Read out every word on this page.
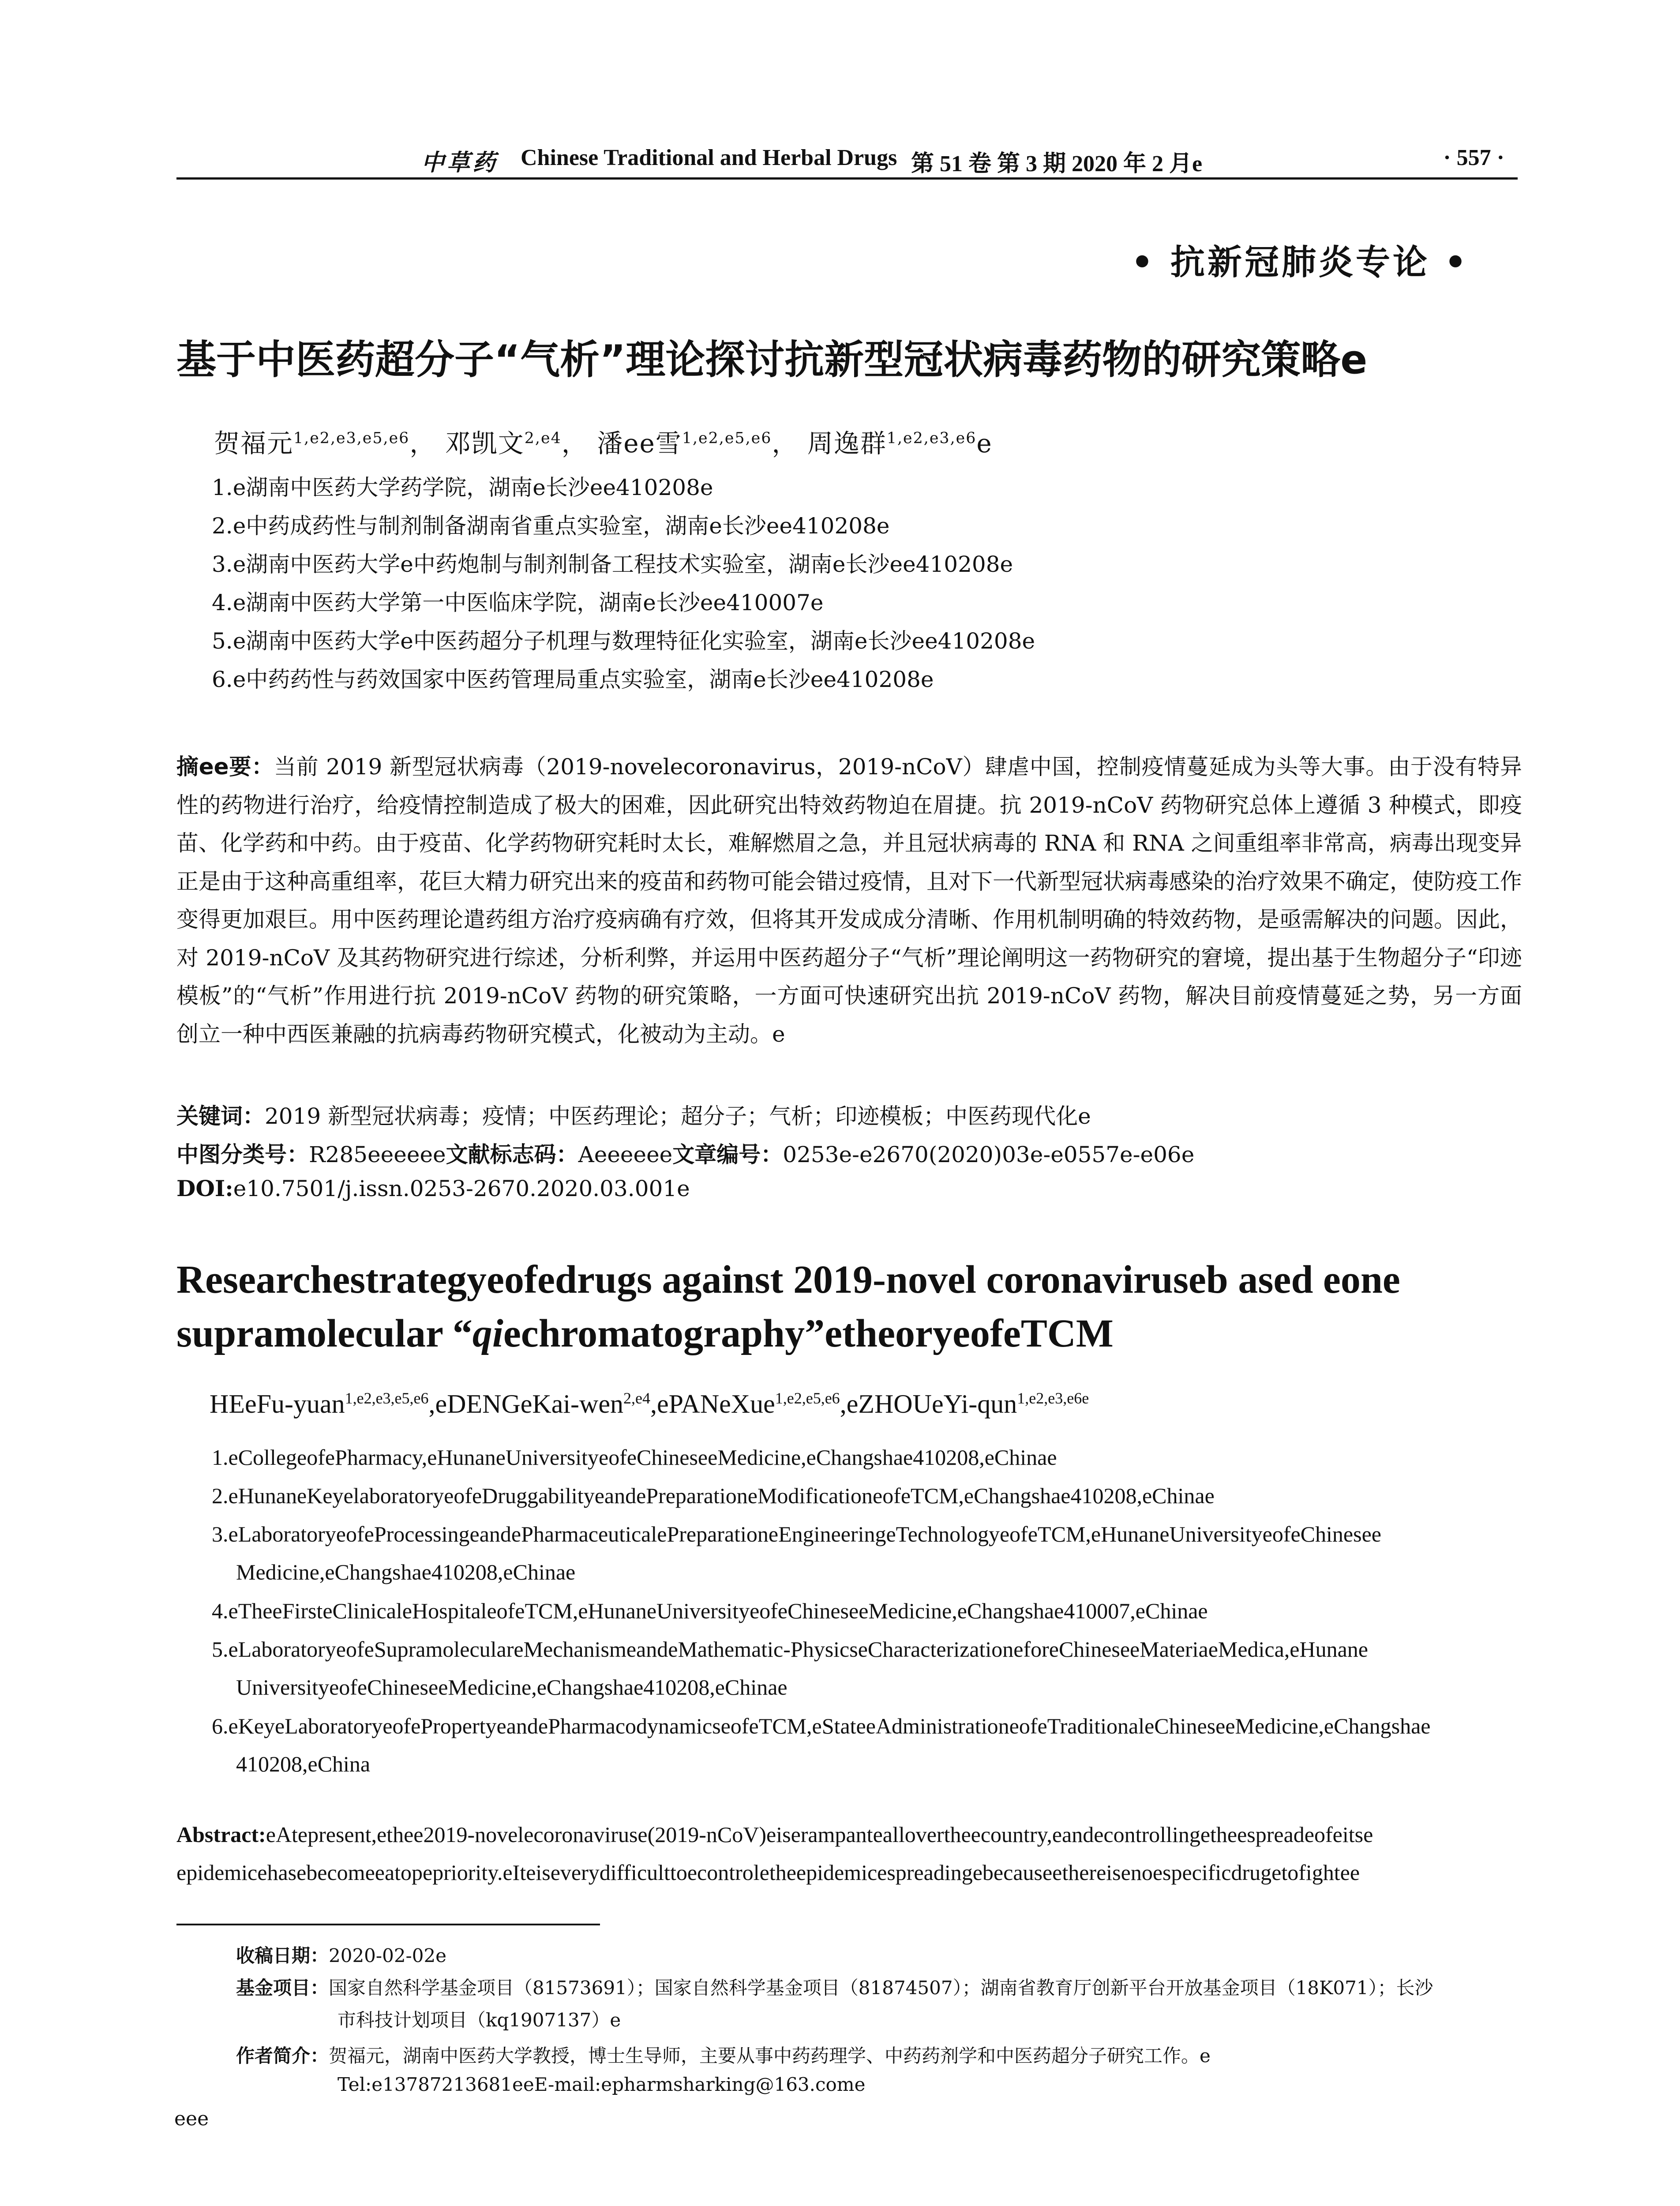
中草药 Chinese Traditional and Herbal Drugs 第 51 卷 第 3 期 2020 年 2 月e	· 557 ·
• 抗新冠肺炎专论 •
基于中医药超分子“气析”理论探讨抗新型冠状病毒药物的研究策略e
贺福元$^{1,e2,e3,e5,e6}$， 邓凯文$^{2,e4}$， 潘ee雪$^{1,e2,e5,e6}$， 周逸群$^{1,e2,e3,e6}$e
1.e湖南中医药大学药学院，湖南e长沙ee410208e
2.e中药成药性与制剂制备湖南省重点实验室，湖南e长沙ee410208e
3.e湖南中医药大学e中药炮制与制剂制备工程技术实验室，湖南e长沙ee410208e
4.e湖南中医药大学第一中医临床学院，湖南e长沙ee410007e
5.e湖南中医药大学e中医药超分子机理与数理特征化实验室，湖南e长沙ee410208e
6.e中药药性与药效国家中医药管理局重点实验室，湖南e长沙ee410208e
摘ee要：当前 2019 新型冠状病毒（2019-novelecoronavirus，2019-nCoV）肆虐中国，控制疫情蔓延成为头等大事。由于没有特异性的药物进行治疗，给疫情控制造成了极大的困难，因此研究出特效药物迫在眉捷。抗 2019-nCoV 药物研究总体上遵循 3 种模式，即疫苗、化学药和中药。由于疫苗、化学药物研究耗时太长，难解燃眉之急，并且冠状病毒的 RNA 和 RNA 之间重组率非常高，病毒出现变异正是由于这种高重组率，花巨大精力研究出来的疫苗和药物可能会错过疫情，且对下一代新型冠状病毒感染的治疗效果不确定，使防疫工作变得更加艰巨。用中医药理论遣药组方治疗疫病确有疗效，但将其开发成成分清晰、作用机制明确的特效药物，是亟需解决的问题。因此，对 2019-nCoV 及其药物研究进行综述，分析利弊，并运用中医药超分子“气析”理论阐明这一药物研究的窘境，提出基于生物超分子“印迹模板”的“气析”作用进行抗 2019-nCoV 药物的研究策略，一方面可快速研究出抗 2019-nCoV 药物，解决目前疫情蔓延之势，另一方面创立一种中西医兼融的抗病毒药物研究模式，化被动为主动。e
关键词：2019 新型冠状病毒；疫情；中医药理论；超分子；气析；印迹模板；中医药现代化e
中图分类号：R285eeeeee文献标志码：Aeeeeee文章编号：0253e-e2670(2020)03e-e0557e-e06e
DOI:e10.7501/j.issn.0253-2670.2020.03.001e
Researchestrategyeofedrugs against 2019-novel coronaviruseb ased eone
supramolecular “qiechromatography”etheoryeofeTCM
HEeFu-yuan$^{1,e2,e3,e5,e6}$,eDENGeKai-wen$^{2,e4}$,ePANeXue$^{1,e2,e5,e6}$,eZHOUeYi-qun$^{1,e2,e3,e6e}$
1.eCollegeofePharmacy,eHunaneUniversityeofeChineseeMedicine,eChangshae410208,eChinae
2.eHunaneKeyelaboratoryeofeDruggabilityeandePreparationeModificationeofeTCM,eChangshae410208,eChinae
3.eLaboratoryeofeProcessingeandePharmaceuticalePreparationeEngineeringeTechnologyeofeTCM,eHunaneUniversityeofeChinesee
Medicine,eChangshae410208,eChinae
4.eTheeFirsteClinicaleHospitaleofeTCM,eHunaneUniversityeofeChineseeMedicine,eChangshae410007,eChinae
5.eLaboratoryeofeSupramoleculareMechanismeandeMathematic-PhysicseCharacterizationeforeChineseeMateriaeMedica,eHunane
UniversityeofeChineseeMedicine,eChangshae410208,eChinae
6.eKeyeLaboratoryeofePropertyeandePharmacodynamicseofeTCM,eStateeAdministrationeofeTraditionaleChineseeMedicine,eChangshae
410208,eChina
Abstract:eAtepresent,ethee2019-novelecoronaviruse(2019-nCoV)eiserampanteallovertheecountry,eandecontrollingetheespreadeofeitse epidemicehasebecomeeatopepriority.eIteiseverydifficulttoecontroletheepidemicespreadingebecauseethereisenoespecificdrugetofightee
收稿日期：2020-02-02e
基金项目：国家自然科学基金项目（81573691）；国家自然科学基金项目（81874507）；湖南省教育厅创新平台开放基金项目（18K071）；长沙
市科技计划项目（kq1907137）e
作者简介：贺福元，湖南中医药大学教授，博士生导师，主要从事中药药理学、中药药剂学和中医药超分子研究工作。e
Tel:e13787213681eeE-mail:epharmsharking@163.come
eee
